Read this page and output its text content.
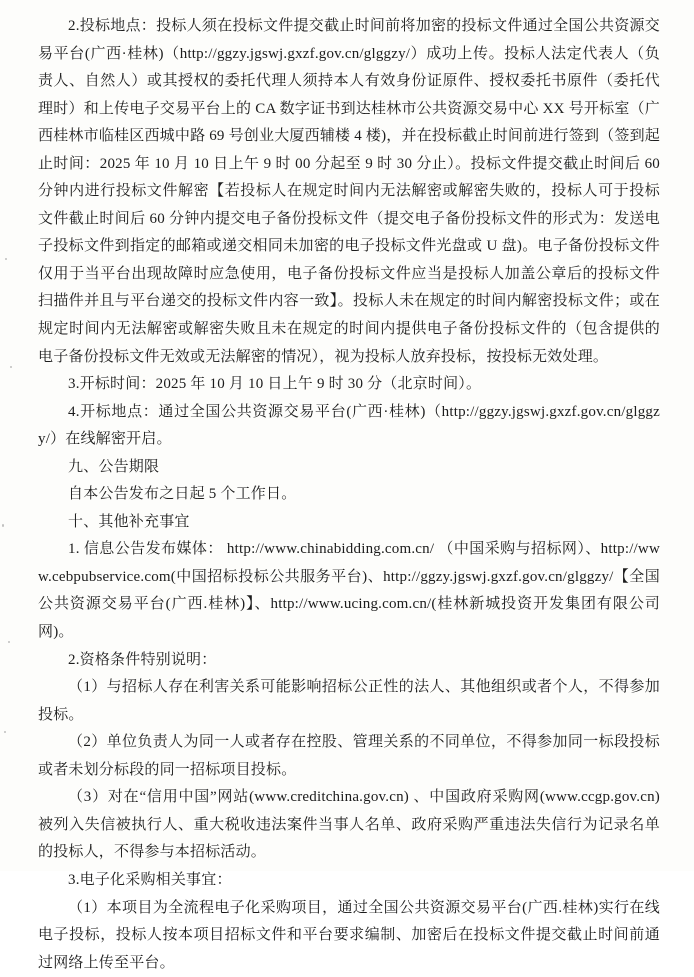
2.投标地点：投标人须在投标文件提交截止时间前将加密的投标文件通过全国公共资源交易平台(广西·桂林)（http://ggzy.jgswj.gxzf.gov.cn/glggzy/）成功上传。投标人法定代表人（负责人、自然人）或其授权的委托代理人须持本人有效身份证原件、授权委托书原件（委托代理时）和上传电子交易平台上的 CA 数字证书到达桂林市公共资源交易中心 XX 号开标室（广西桂林市临桂区西城中路 69 号创业大厦西辅楼 4 楼)，并在投标截止时间前进行签到（签到起止时间：2025 年 10 月 10 日上午 9 时 00 分起至 9 时 30 分止）。投标文件提交截止时间后 60 分钟内进行投标文件解密【若投标人在规定时间内无法解密或解密失败的，投标人可于投标文件截止时间后 60 分钟内提交电子备份投标文件（提交电子备份投标文件的形式为：发送电子投标文件到指定的邮箱或递交相同未加密的电子投标文件光盘或 U 盘)。电子备份投标文件仅用于当平台出现故障时应急使用，电子备份投标文件应当是投标人加盖公章后的投标文件扫描件并且与平台递交的投标文件内容一致】。投标人未在规定的时间内解密投标文件；或在规定时间内无法解密或解密失败且未在规定的时间内提供电子备份投标文件的（包含提供的电子备份投标文件无效或无法解密的情况），视为投标人放弃投标，按投标无效处理。

3.开标时间：2025 年 10 月 10 日上午 9 时 30 分（北京时间）。

4.开标地点：通过全国公共资源交易平台(广西·桂林)（http://ggzy.jgswj.gxzf.gov.cn/glggzy/）在线解密开启。

九、公告期限

自本公告发布之日起 5 个工作日。

十、其他补充事宜

1. 信息公告发布媒体： http://www.chinabidding.com.cn/ （中国采购与招标网）、http://www.cebpubservice.com(中国招标投标公共服务平台)、http://ggzy.jgswj.gxzf.gov.cn/glggzy/【全国公共资源交易平台(广西.桂林)】、http://www.ucing.com.cn/(桂林新城投资开发集团有限公司网)。

2.资格条件特别说明：

（1）与招标人存在利害关系可能影响招标公正性的法人、其他组织或者个人，不得参加投标。

（2）单位负责人为同一人或者存在控股、管理关系的不同单位，不得参加同一标段投标或者未划分标段的同一招标项目投标。

（3）对在“信用中国”网站(www.creditchina.gov.cn) 、中国政府采购网(www.ccgp.gov.cn)被列入失信被执行人、重大税收违法案件当事人名单、政府采购严重违法失信行为记录名单的投标人，不得参与本招标活动。

3.电子化采购相关事宜：

（1）本项目为全流程电子化采购项目，通过全国公共资源交易平台(广西.桂林)实行在线电子投标，投标人按本项目招标文件和平台要求编制、加密后在投标文件提交截止时间前通过网络上传至平台。
